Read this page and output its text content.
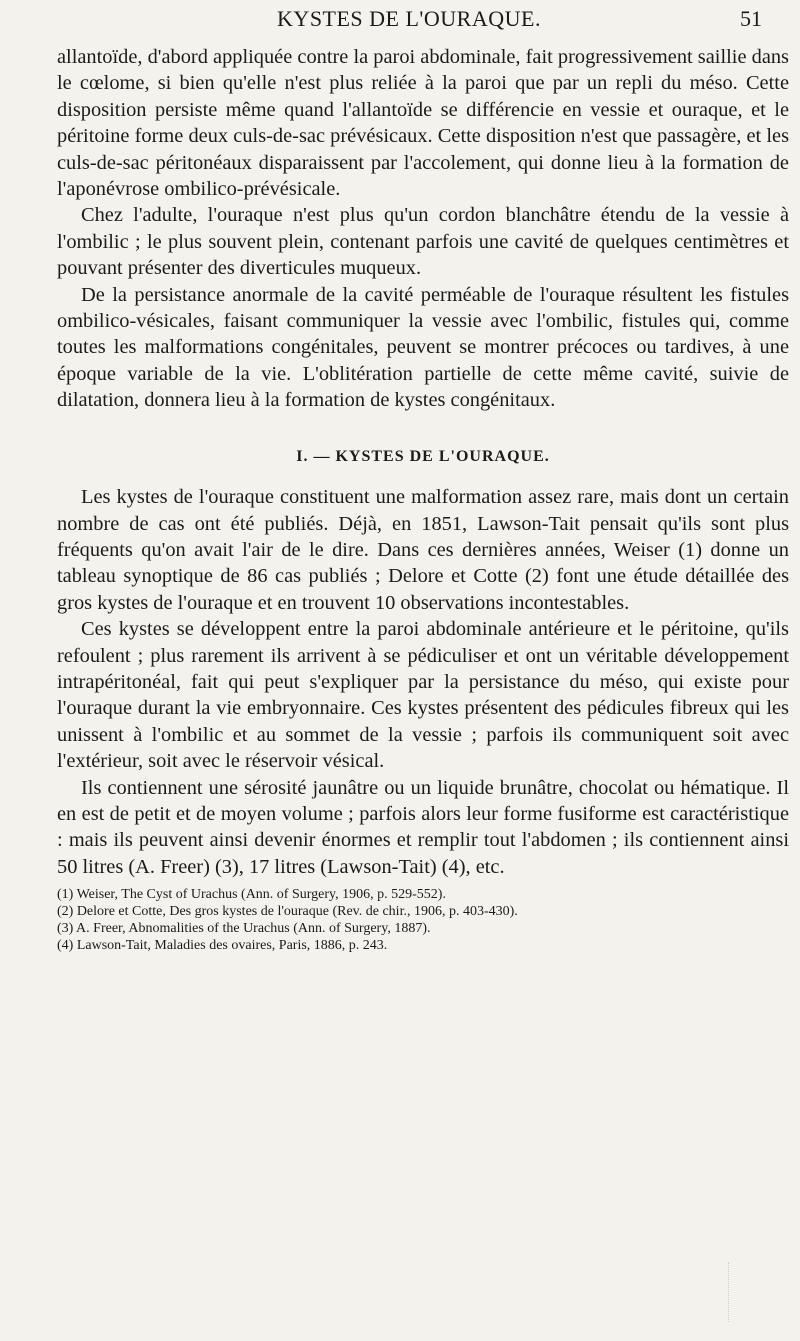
KYSTES DE L'OURAQUE.	51

allantoïde, d'abord appliquée contre la paroi abdominale, fait progressivement saillie dans le cœlome, si bien qu'elle n'est plus reliée à la paroi que par un repli du méso. Cette disposition persiste même quand l'allantoïde se différencie en vessie et ouraque, et le péritoine forme deux culs-de-sac prévésicaux. Cette disposition n'est que passagère, et les culs-de-sac péritonéaux disparaissent par l'accolement, qui donne lieu à la formation de l'aponévrose ombilico-prévésicale.

Chez l'adulte, l'ouraque n'est plus qu'un cordon blanchâtre étendu de la vessie à l'ombilic ; le plus souvent plein, contenant parfois une cavité de quelques centimètres et pouvant présenter des diverticules muqueux.

De la persistance anormale de la cavité perméable de l'ouraque résultent les fistules ombilico-vésicales, faisant communiquer la vessie avec l'ombilic, fistules qui, comme toutes les malformations congénitales, peuvent se montrer précoces ou tardives, à une époque variable de la vie. L'oblitération partielle de cette même cavité, suivie de dilatation, donnera lieu à la formation de kystes congénitaux.

I. — KYSTES DE L'OURAQUE.

Les kystes de l'ouraque constituent une malformation assez rare, mais dont un certain nombre de cas ont été publiés. Déjà, en 1851, Lawson-Tait pensait qu'ils sont plus fréquents qu'on avait l'air de le dire. Dans ces dernières années, Weiser (1) donne un tableau synoptique de 86 cas publiés ; Delore et Cotte (2) font une étude détaillée des gros kystes de l'ouraque et en trouvent 10 observations incontestables.

Ces kystes se développent entre la paroi abdominale antérieure et le péritoine, qu'ils refoulent ; plus rarement ils arrivent à se pédiculiser et ont un véritable développement intrapéritonéal, fait qui peut s'expliquer par la persistance du méso, qui existe pour l'ouraque durant la vie embryonnaire. Ces kystes présentent des pédicules fibreux qui les unissent à l'ombilic et au sommet de la vessie ; parfois ils communiquent soit avec l'extérieur, soit avec le réservoir vésical.

Ils contiennent une sérosité jaunâtre ou un liquide brunâtre, chocolat ou hématique. Il en est de petit et de moyen volume ; parfois alors leur forme fusiforme est caractéristique : mais ils peuvent ainsi devenir énormes et remplir tout l'abdomen ; ils contiennent ainsi 50 litres (A. Freer) (3), 17 litres (Lawson-Tait) (4), etc.

(1) Weiser, The Cyst of Urachus (Ann. of Surgery, 1906, p. 529-552).
(2) Delore et Cotte, Des gros kystes de l'ouraque (Rev. de chir., 1906, p. 403-430).
(3) A. Freer, Abnomalities of the Urachus (Ann. of Surgery, 1887).
(4) Lawson-Tait, Maladies des ovaires, Paris, 1886, p. 243.
